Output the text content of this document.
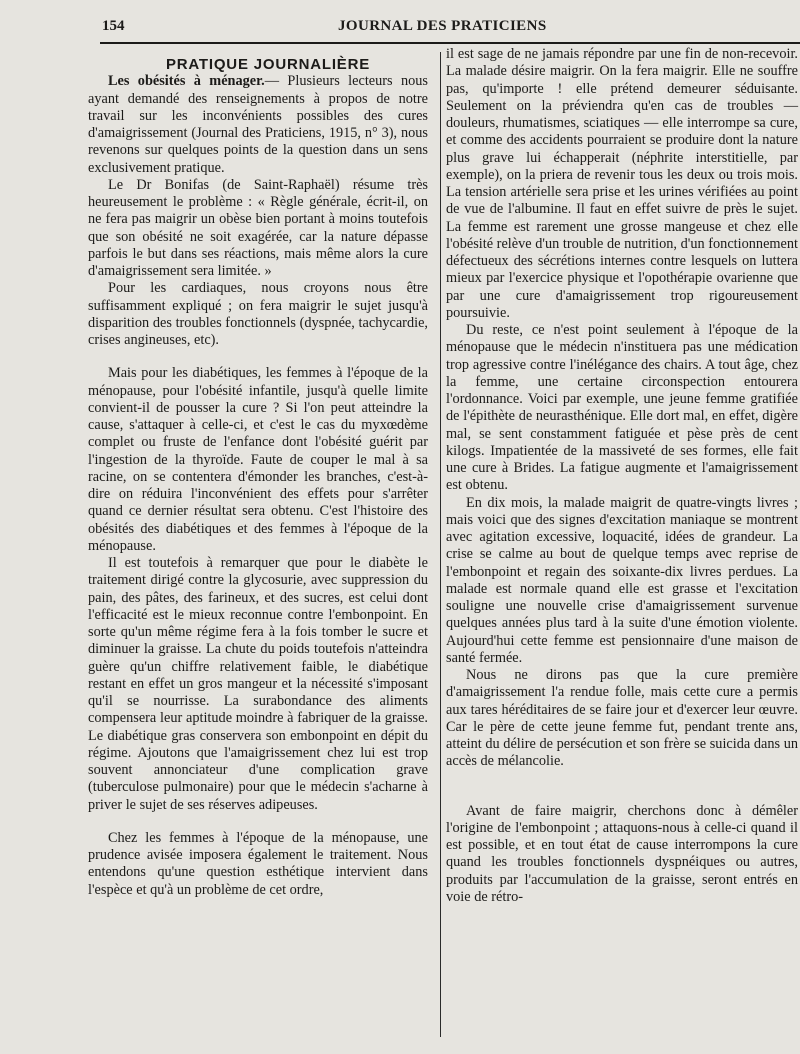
154	JOURNAL DES PRATICIENS

PRATIQUE JOURNALIÈRE

Les obésités à ménager.— Plusieurs lecteurs nous ayant demandé des renseignements à propos de notre travail sur les inconvénients possibles des cures d'amaigrissement (Journal des Praticiens, 1915, n° 3), nous revenons sur quelques points de la question dans un sens exclusivement pratique.

Le Dr Bonifas (de Saint-Raphaël) résume très heureusement le problème : « Règle générale, écrit-il, on ne fera pas maigrir un obèse bien portant à moins toutefois que son obésité ne soit exagérée, car la nature dépasse parfois le but dans ses réactions, mais même alors la cure d'amaigrissement sera limitée. »

Pour les cardiaques, nous croyons nous être suffisamment expliqué ; on fera maigrir le sujet jusqu'à disparition des troubles fonctionnels (dyspnée, tachycardie, crises angineuses, etc).

Mais pour les diabétiques, les femmes à l'époque de la ménopause, pour l'obésité infantile, jusqu'à quelle limite convient-il de pousser la cure ? Si l'on peut atteindre la cause, s'attaquer à celle-ci, et c'est le cas du myxœdème complet ou fruste de l'enfance dont l'obésité guérit par l'ingestion de la thyroïde. Faute de couper le mal à sa racine, on se contentera d'émonder les branches, c'est-à-dire on réduira l'inconvénient des effets pour s'arrêter quand ce dernier résultat sera obtenu. C'est l'histoire des obésités des diabétiques et des femmes à l'époque de la ménopause.

Il est toutefois à remarquer que pour le diabète le traitement dirigé contre la glycosurie, avec suppression du pain, des pâtes, des farineux, et des sucres, est celui dont l'efficacité est le mieux reconnue contre l'embonpoint. En sorte qu'un même régime fera à la fois tomber le sucre et diminuer la graisse. La chute du poids toutefois n'atteindra guère qu'un chiffre relativement faible, le diabétique restant en effet un gros mangeur et la nécessité s'imposant qu'il se nourrisse. La surabondance des aliments compensera leur aptitude moindre à fabriquer de la graisse. Le diabétique gras conservera son embonpoint en dépit du régime. Ajoutons que l'amaigrissement chez lui est trop souvent annonciateur d'une complication grave (tuberculose pulmonaire) pour que le médecin s'acharne à priver le sujet de ses réserves adipeuses.

Chez les femmes à l'époque de la ménopause, une prudence avisée imposera également le traitement. Nous entendons qu'une question esthétique intervient dans l'espèce et qu'à un problème de cet ordre,

il est sage de ne jamais répondre par une fin de non-recevoir. La malade désire maigrir. On la fera maigrir. Elle ne souffre pas, qu'importe ! elle prétend demeurer séduisante. Seulement on la préviendra qu'en cas de troubles — douleurs, rhumatismes, sciatiques — elle interrompe sa cure, et comme des accidents pourraient se produire dont la nature plus grave lui échapperait (néphrite interstitielle, par exemple), on la priera de revenir tous les deux ou trois mois. La tension artérielle sera prise et les urines vérifiées au point de vue de l'albumine. Il faut en effet suivre de près le sujet. La femme est rarement une grosse mangeuse et chez elle l'obésité relève d'un trouble de nutrition, d'un fonctionnement défectueux des sécrétions internes contre lesquels on luttera mieux par l'exercice physique et l'opothérapie ovarienne que par une cure d'amaigrissement trop rigoureusement poursuivie.

Du reste, ce n'est point seulement à l'époque de la ménopause que le médecin n'instituera pas une médication trop agressive contre l'inélégance des chairs. A tout âge, chez la femme, une certaine circonspection entourera l'ordonnance. Voici par exemple, une jeune femme gratifiée de l'épithète de neurasthénique. Elle dort mal, en effet, digère mal, se sent constamment fatiguée et pèse près de cent kilogs. Impatientée de la massiveté de ses formes, elle fait une cure à Brides. La fatigue augmente et l'amaigrissement est obtenu.

En dix mois, la malade maigrit de quatre-vingts livres ; mais voici que des signes d'excitation maniaque se montrent avec agitation excessive, loquacité, idées de grandeur. La crise se calme au bout de quelque temps avec reprise de l'embonpoint et regain des soixante-dix livres perdues. La malade est normale quand elle est grasse et l'excitation souligne une nouvelle crise d'amaigrissement survenue quelques années plus tard à la suite d'une émotion violente. Aujourd'hui cette femme est pensionnaire d'une maison de santé fermée.

Nous ne dirons pas que la cure première d'amaigrissement l'a rendue folle, mais cette cure a permis aux tares héréditaires de se faire jour et d'exercer leur œuvre. Car le père de cette jeune femme fut, pendant trente ans, atteint du délire de persécution et son frère se suicida dans un accès de mélancolie.

Avant de faire maigrir, cherchons donc à démêler l'origine de l'embonpoint ; attaquons-nous à celle-ci quand il est possible, et en tout état de cause interrompons la cure quand les troubles fonctionnels dyspnéiques ou autres, produits par l'accumulation de la graisse, seront entrés en voie de rétro-
